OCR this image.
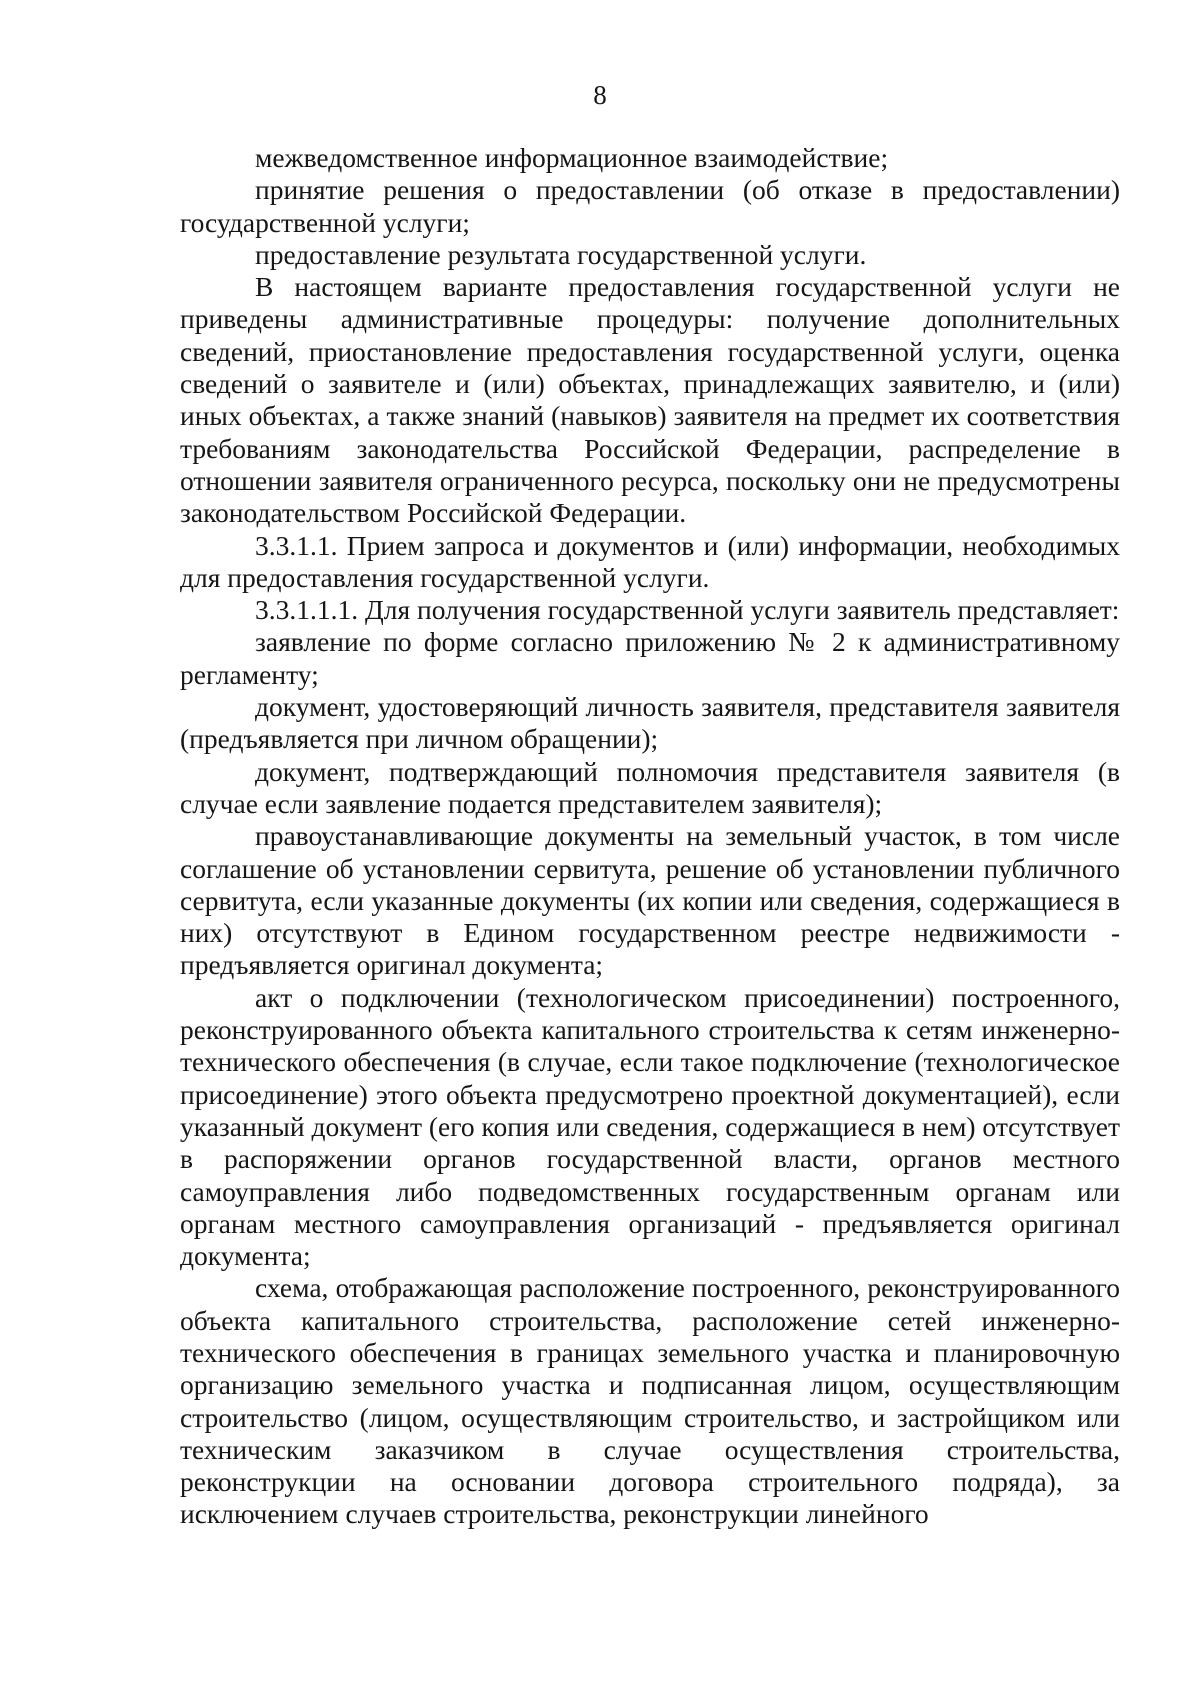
8

межведомственное информационное взаимодействие;

принятие решения о предоставлении (об отказе в предоставлении) государственной услуги;

предоставление результата государственной услуги.

В настоящем варианте предоставления государственной услуги не приведены административные процедуры: получение дополнительных сведений, приостановление предоставления государственной услуги, оценка сведений о заявителе и (или) объектах, принадлежащих заявителю, и (или) иных объектах, а также знаний (навыков) заявителя на предмет их соответствия требованиям законодательства Российской Федерации, распределение в отношении заявителя ограниченного ресурса, поскольку они не предусмотрены законодательством Российской Федерации.

3.3.1.1. Прием запроса и документов и (или) информации, необходимых для предоставления государственной услуги.

3.3.1.1.1. Для получения государственной услуги заявитель представляет:

заявление по форме согласно приложению № 2 к административному регламенту;

документ, удостоверяющий личность заявителя, представителя заявителя (предъявляется при личном обращении);

документ, подтверждающий полномочия представителя заявителя (в случае если заявление подается представителем заявителя);

правоустанавливающие документы на земельный участок, в том числе соглашение об установлении сервитута, решение об установлении публичного сервитута, если указанные документы (их копии или сведения, содержащиеся в них) отсутствуют в Едином государственном реестре недвижимости - предъявляется оригинал документа;

акт о подключении (технологическом присоединении) построенного, реконструированного объекта капитального строительства к сетям инженерно-технического обеспечения (в случае, если такое подключение (технологическое присоединение) этого объекта предусмотрено проектной документацией), если указанный документ (его копия или сведения, содержащиеся в нем) отсутствует в распоряжении органов государственной власти, органов местного самоуправления либо подведомственных государственным органам или органам местного самоуправления организаций - предъявляется оригинал документа;

схема, отображающая расположение построенного, реконструированного объекта капитального строительства, расположение сетей инженерно-технического обеспечения в границах земельного участка и планировочную организацию земельного участка и подписанная лицом, осуществляющим строительство (лицом, осуществляющим строительство, и застройщиком или техническим заказчиком в случае осуществления строительства, реконструкции на основании договора строительного подряда), за исключением случаев строительства, реконструкции линейного
